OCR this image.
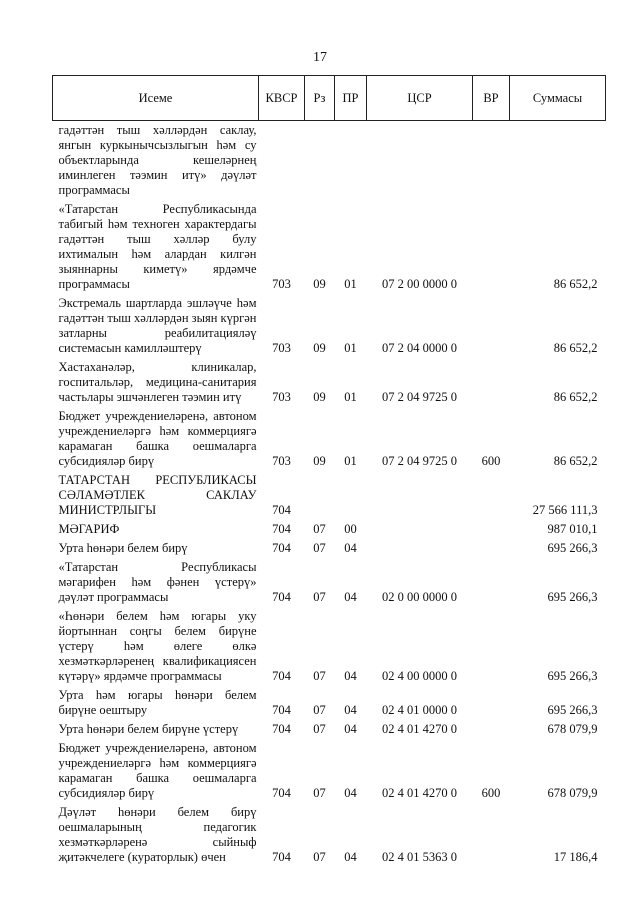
17
Исеме	КВСР	Рз	ПР	ЦСР	ВР	Суммасы
гадәттән тыш хәлләрдән саклау, янгын куркынычсызлыгын һәм су объектларында кешеләрнең иминлеген тәэмин итү» дәүләт программасы						
«Татарстан Республикасында табигый һәм техноген характердагы гадәттән тыш хәлләр булу ихтималын һәм алардан килгән зыяннарны киметү» ярдәмче программасы	703	09	01	07 2 00 0000 0		86 652,2
Экстремаль шартларда эшләүче һәм гадәттән тыш хәлләрдән зыян күргән затларны реабилитацияләү системасын камилләштерү	703	09	01	07 2 04 0000 0		86 652,2
Хастаханәләр, клиникалар, госпитальләр, медицина-санитария частьлары эшчәнлеген тәэмин итү	703	09	01	07 2 04 9725 0		86 652,2
Бюджет учреждениеләренә, автоном учреждениеләргә һәм коммерциягә карамаган башка оешмаларга субсидияләр бирү	703	09	01	07 2 04 9725 0	600	86 652,2
ТАТАРСТАН РЕСПУБЛИКАСЫ СӘЛАМӘТЛЕК САКЛАУ МИНИСТРЛЫГЫ	704					27 566 111,3
МӘГАРИФ	704	07	00			987 010,1
Урта һөнәри белем бирү	704	07	04			695 266,3
«Татарстан Республикасы мәгарифен һәм фәнен үстерү» дәүләт программасы	704	07	04	02 0 00 0000 0		695 266,3
«Һөнәри белем һәм югары уку йортыннан соңгы белем бирүне үстерү һәм өлеге өлкә хезмәткәрләренең квалификациясен күтәрү» ярдәмче программасы	704	07	04	02 4 00 0000 0		695 266,3
Урта һәм югары һөнәри белем бирүне оештыру	704	07	04	02 4 01 0000 0		695 266,3
Урта һөнәри белем бирүне үстерү	704	07	04	02 4 01 4270 0		678 079,9
Бюджет учреждениеләренә, автоном учреждениеләргә һәм коммерциягә карамаган башка оешмаларга субсидияләр бирү	704	07	04	02 4 01 4270 0	600	678 079,9
Дәүләт һөнәри белем бирү оешмаларының педагогик хезмәткәрләренә сыйныф җитәкчелеге (кураторлык) өчен	704	07	04	02 4 01 5363 0		17 186,4
